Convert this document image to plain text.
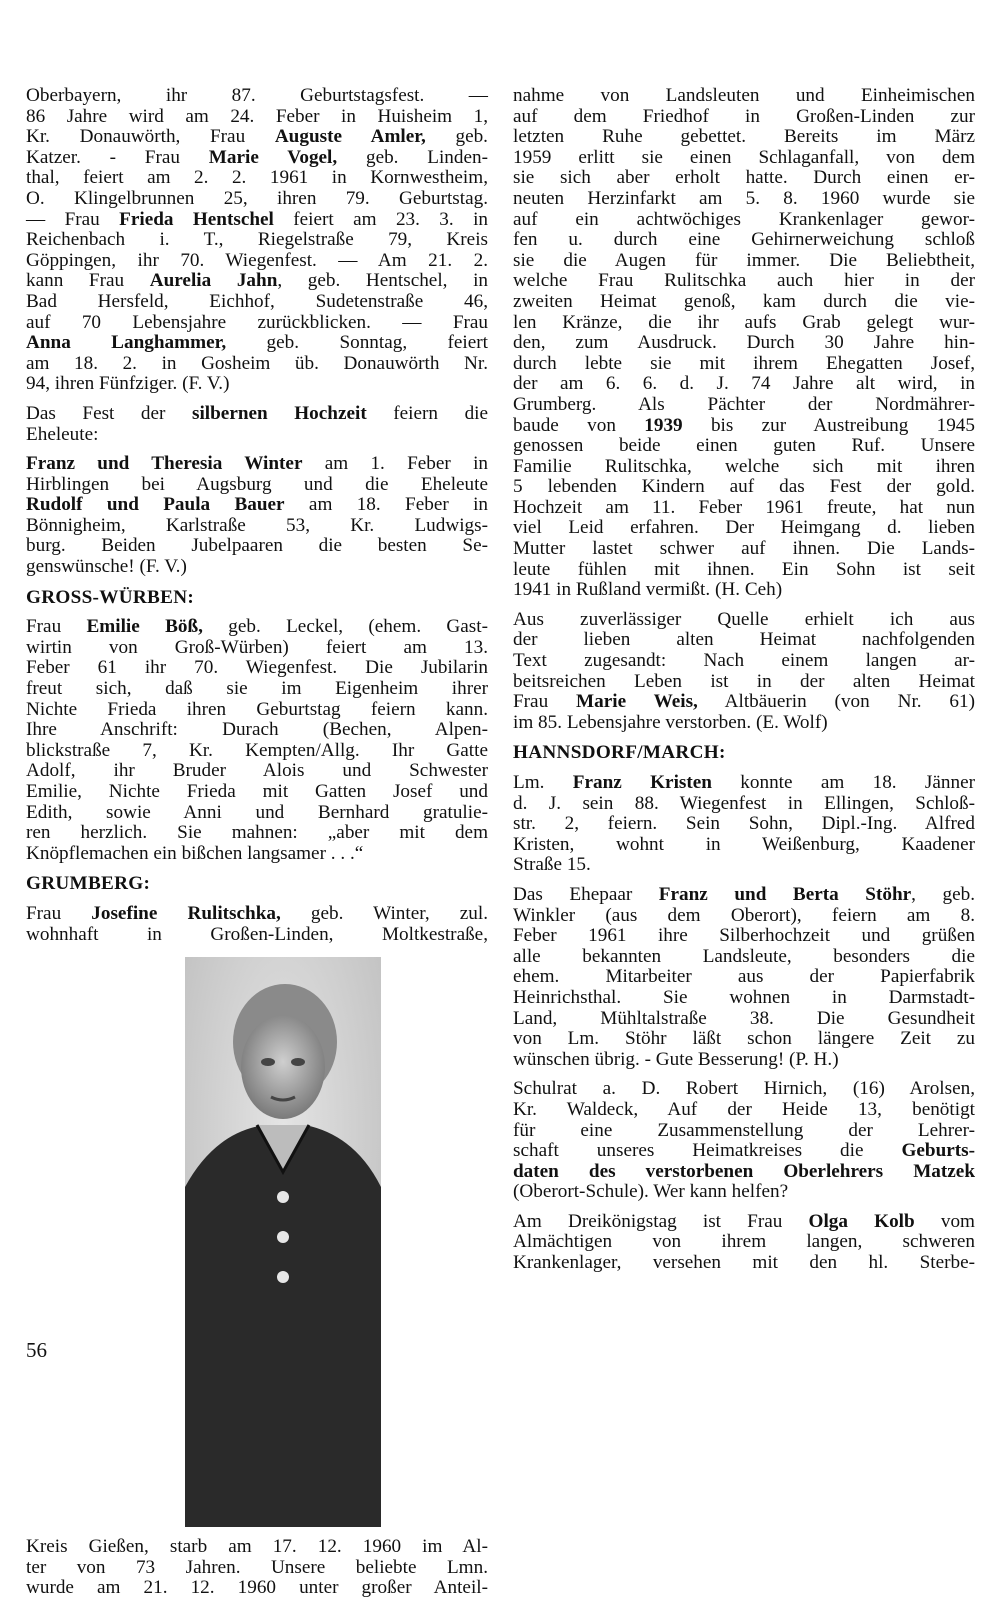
Oberbayern, ihr 87. Geburtstagsfest. —
86 Jahre wird am 24. Feber in Huisheim 1,
Kr. Donauwörth, Frau Auguste Amler, geb.
Katzer. - Frau Marie Vogel, geb. Linden-
thal, feiert am 2. 2. 1961 in Kornwestheim,
O. Klingelbrunnen 25, ihren 79. Geburtstag.
— Frau Frieda Hentschel feiert am 23. 3. in
Reichenbach i. T., Riegelstraße 79, Kreis
Göppingen, ihr 70. Wiegenfest. — Am 21. 2.
kann Frau Aurelia Jahn, geb. Hentschel, in
Bad Hersfeld, Eichhof, Sudetenstraße 46,
auf 70 Lebensjahre zurückblicken. — Frau
Anna Langhammer, geb. Sonntag, feiert
am 18. 2. in Gosheim üb. Donauwörth Nr.
94, ihren Fünfziger. (F. V.)
Das Fest der silbernen Hochzeit feiern die
Eheleute:
Franz und Theresia Winter am 1. Feber in
Hirblingen bei Augsburg und die Eheleute
Rudolf und Paula Bauer am 18. Feber in
Bönnigheim, Karlstraße 53, Kr. Ludwigs-
burg. Beiden Jubelpaaren die besten Se-
genswünsche! (F. V.)
GROSS-WÜRBEN:
Frau Emilie Böß, geb. Leckel, (ehem. Gast-
wirtin von Groß-Würben) feiert am 13.
Feber 61 ihr 70. Wiegenfest. Die Jubilarin
freut sich, daß sie im Eigenheim ihrer
Nichte Frieda ihren Geburtstag feiern kann.
Ihre Anschrift: Durach (Bechen, Alpen-
blickstraße 7, Kr. Kempten/Allg. Ihr Gatte
Adolf, ihr Bruder Alois und Schwester
Emilie, Nichte Frieda mit Gatten Josef und
Edith, sowie Anni und Bernhard gratulie-
ren herzlich. Sie mahnen: „aber mit dem
Knöpflemachen ein bißchen langsamer . . .“
GRUMBERG:
Frau Josefine Rulitschka, geb. Winter, zul.
wohnhaft in Großen-Linden, Moltkestraße,
Kreis Gießen, starb am 17. 12. 1960 im Al-
ter von 73 Jahren. Unsere beliebte Lmn.
wurde am 21. 12. 1960 unter großer Anteil-
nahme von Landsleuten und Einheimischen
auf dem Friedhof in Großen-Linden zur
letzten Ruhe gebettet. Bereits im März
1959 erlitt sie einen Schlaganfall, von dem
sie sich aber erholt hatte. Durch einen er-
neuten Herzinfarkt am 5. 8. 1960 wurde sie
auf ein achtwöchiges Krankenlager gewor-
fen u. durch eine Gehirnerweichung schloß
sie die Augen für immer. Die Beliebtheit,
welche Frau Rulitschka auch hier in der
zweiten Heimat genoß, kam durch die vie-
len Kränze, die ihr aufs Grab gelegt wur-
den, zum Ausdruck. Durch 30 Jahre hin-
durch lebte sie mit ihrem Ehegatten Josef,
der am 6. 6. d. J. 74 Jahre alt wird, in
Grumberg. Als Pächter der Nordmährer-
baude von 1939 bis zur Austreibung 1945
genossen beide einen guten Ruf. Unsere
Familie Rulitschka, welche sich mit ihren
5 lebenden Kindern auf das Fest der gold.
Hochzeit am 11. Feber 1961 freute, hat nun
viel Leid erfahren. Der Heimgang d. lieben
Mutter lastet schwer auf ihnen. Die Lands-
leute fühlen mit ihnen. Ein Sohn ist seit
1941 in Rußland vermißt. (H. Ceh)
Aus zuverlässiger Quelle erhielt ich aus
der lieben alten Heimat nachfolgenden
Text zugesandt: Nach einem langen ar-
beitsreichen Leben ist in der alten Heimat
Frau Marie Weis, Altbäuerin (von Nr. 61)
im 85. Lebensjahre verstorben. (E. Wolf)
HANNSDORF/MARCH:
Lm. Franz Kristen konnte am 18. Jänner
d. J. sein 88. Wiegenfest in Ellingen, Schloß-
str. 2, feiern. Sein Sohn, Dipl.-Ing. Alfred
Kristen, wohnt in Weißenburg, Kaadener
Straße 15.
Das Ehepaar Franz und Berta Stöhr, geb.
Winkler (aus dem Oberort), feiern am 8.
Feber 1961 ihre Silberhochzeit und grüßen
alle bekannten Landsleute, besonders die
ehem. Mitarbeiter aus der Papierfabrik
Heinrichsthal. Sie wohnen in Darmstadt-
Land, Mühltalstraße 38. Die Gesundheit
von Lm. Stöhr läßt schon längere Zeit zu
wünschen übrig. - Gute Besserung! (P. H.)
Schulrat a. D. Robert Hirnich, (16) Arolsen,
Kr. Waldeck, Auf der Heide 13, benötigt
für eine Zusammenstellung der Lehrer-
schaft unseres Heimatkreises die Geburts-
daten des verstorbenen Oberlehrers Matzek
(Oberort-Schule). Wer kann helfen?
Am Dreikönigstag ist Frau Olga Kolb vom
Almächtigen von ihrem langen, schweren
Krankenlager, versehen mit den hl. Sterbe-
56
